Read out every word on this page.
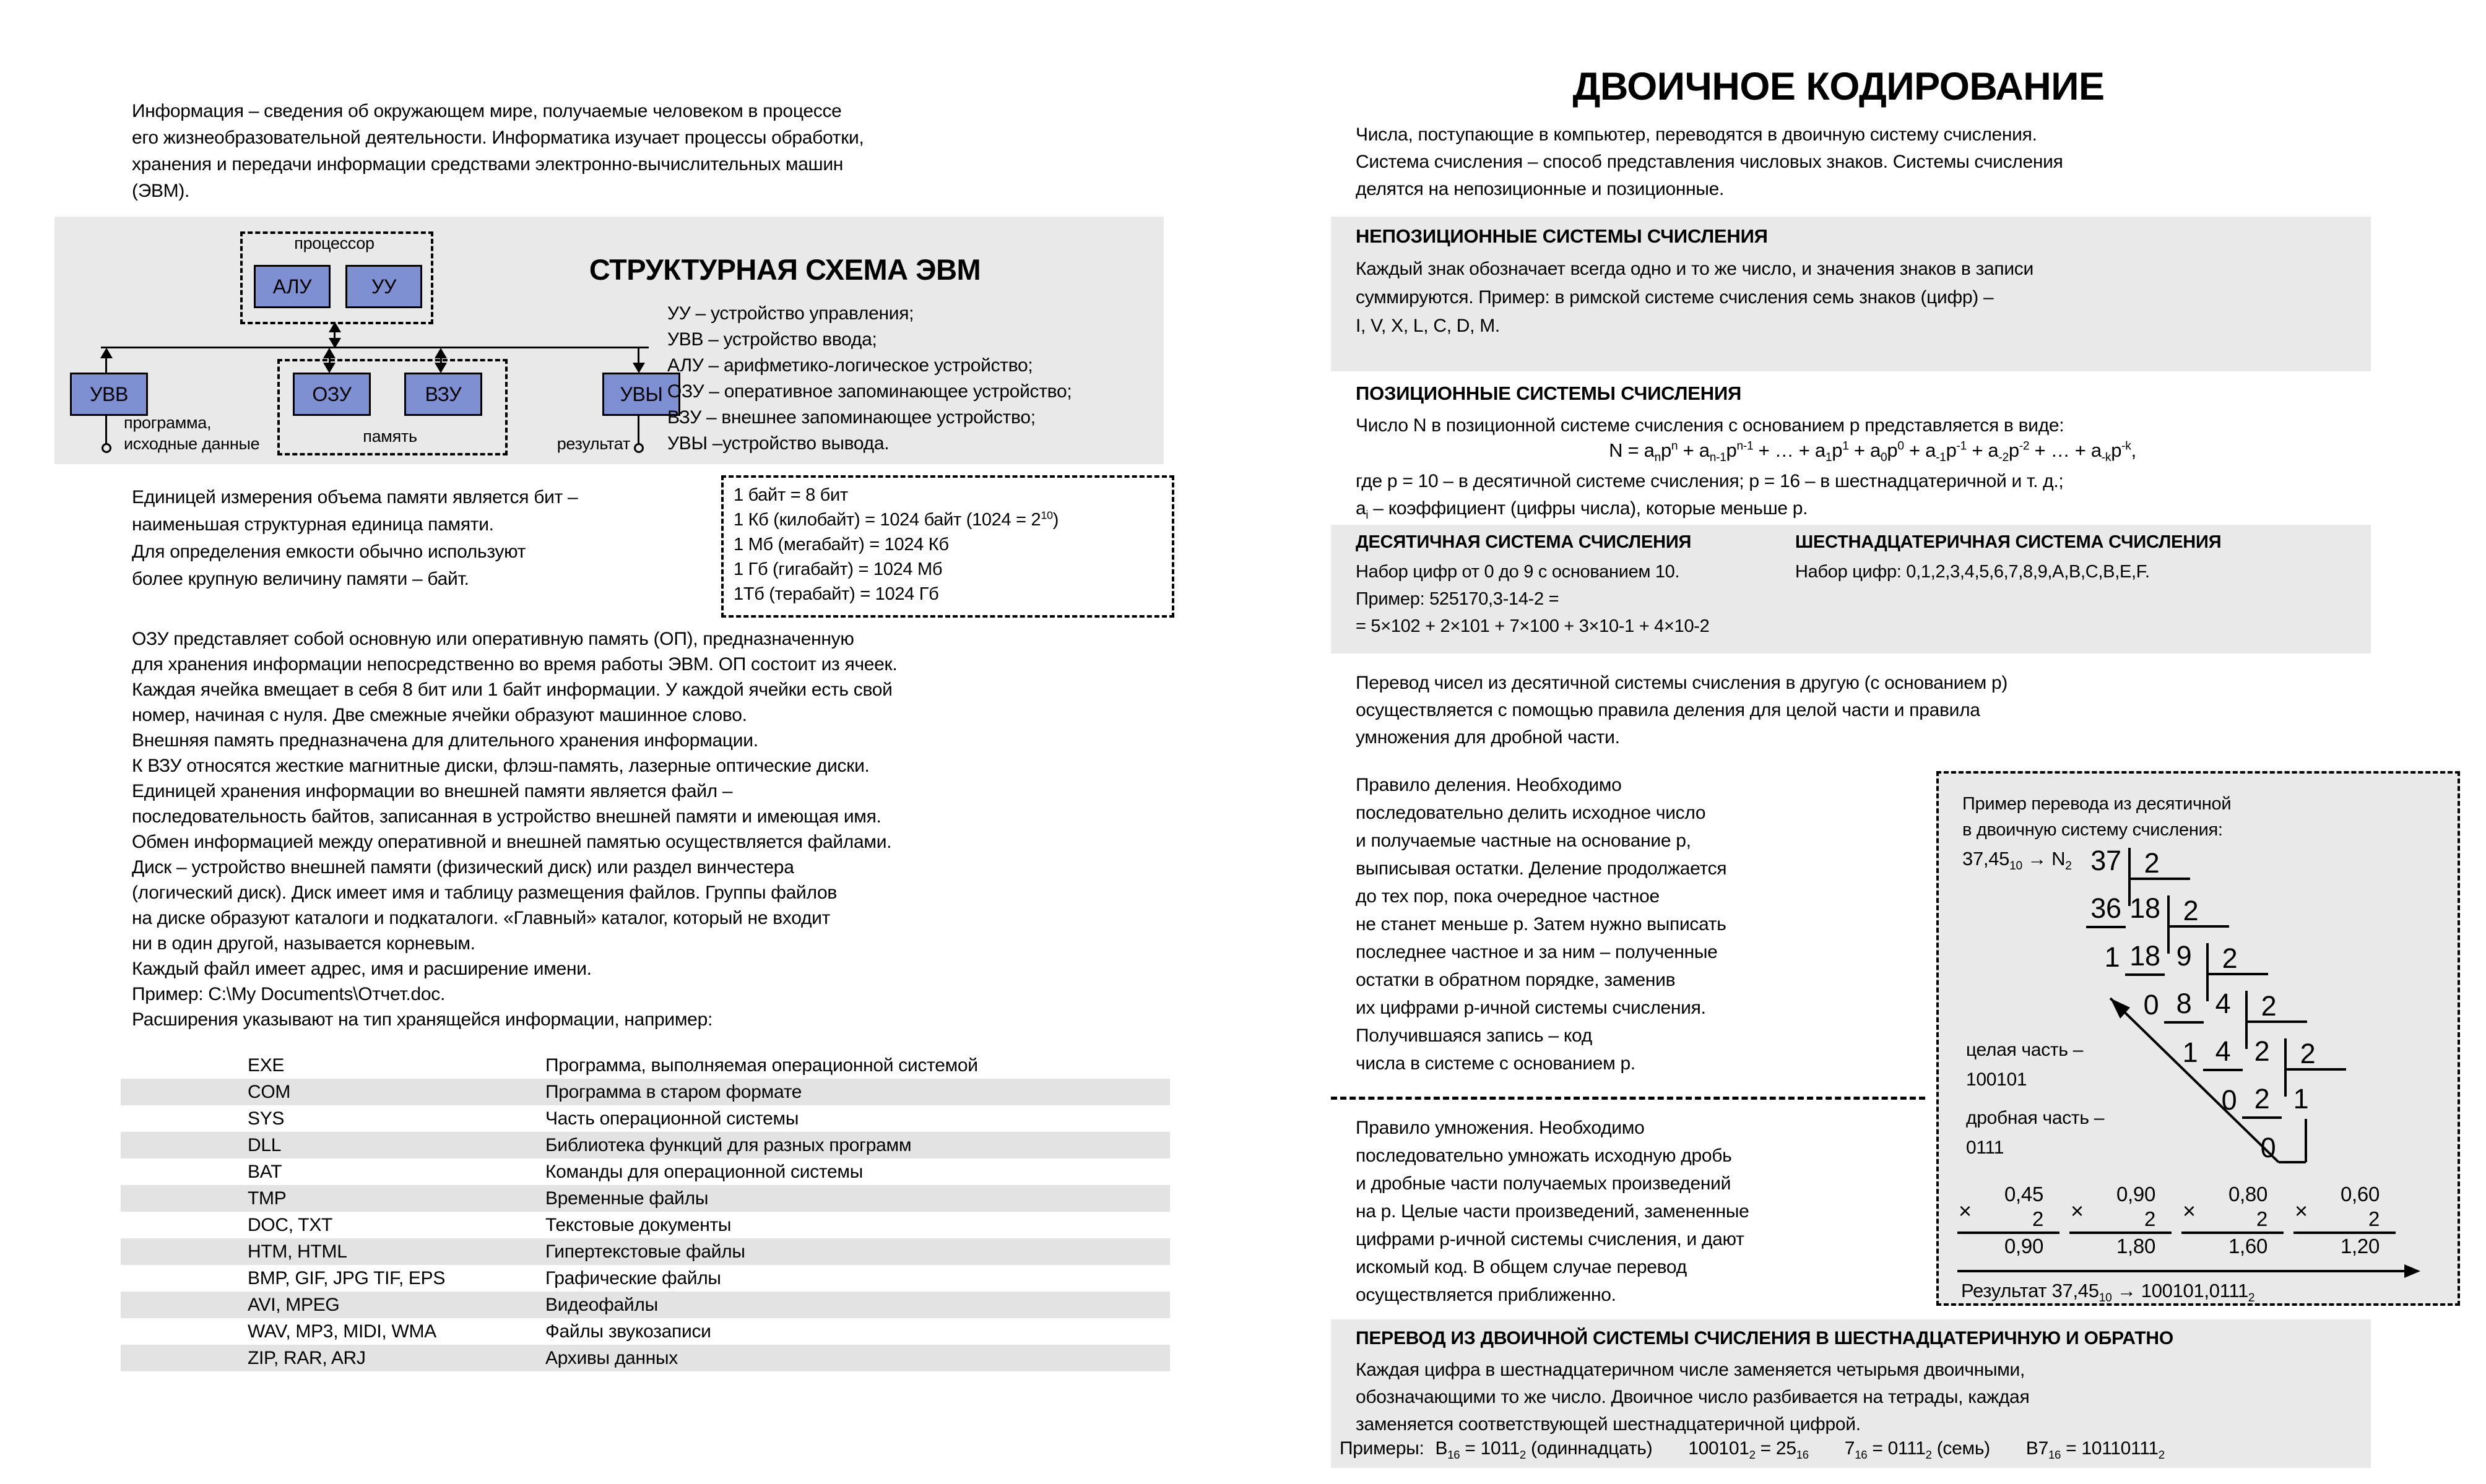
Информация – сведения об окружающем мире, получаемые человеком в процессе
его жизнеобразовательной деятельности. Информатика изучает процессы обработки,
хранения и передачи информации средствами электронно-вычислительных машин
(ЭВМ).
процессор
АЛУ	УУ
память
УВВ	ОЗУ	ВЗУ	УВЫ
программа,
исходные данные	результат
СТРУКТУРНАЯ СХЕМА ЭВМ
УУ – устройство управления;
УВВ – устройство ввода;
АЛУ – арифметико-логическое устройство;
ОЗУ – оперативное запоминающее устройство;
ВЗУ – внешнее запоминающее устройство;
УВЫ –устройство вывода.
Единицей измерения объема памяти является бит –
наименьшая структурная единица памяти.
Для определения емкости обычно используют
более крупную величину памяти – байт.
1 байт = 8 бит
1 Кб (килобайт) = 1024 байт $(1024 = 2^{10})$
1 Мб (мегабайт) = 1024 Кб
1 Гб (гигабайт) = 1024 Мб
1Тб (терабайт) = 1024 Гб
ОЗУ представляет собой основную или оперативную память (ОП), предназначенную
для хранения информации непосредственно во время работы ЭВМ. ОП состоит из ячеек.
Каждая ячейка вмещает в себя 8 бит или 1 байт информации. У каждой ячейки есть свой
номер, начиная с нуля. Две смежные ячейки образуют машинное слово.
Внешняя память предназначена для длительного хранения информации.
К ВЗУ относятся жесткие магнитные диски, флэш-память, лазерные оптические диски.
Единицей хранения информации во внешней памяти является файл –
последовательность байтов, записанная в устройство внешней памяти и имеющая имя.
Обмен информацией между оперативной и внешней памятью осуществляется файлами.
Диск – устройство внешней памяти (физический диск) или раздел винчестера
(логический диск). Диск имеет имя и таблицу размещения файлов. Группы файлов
на диске образуют каталоги и подкаталоги. «Главный» каталог, который не входит
ни в один другой, называется корневым.
Каждый файл имеет адрес, имя и расширение имени.
Пример: C:\My Documents\Отчет.doc.
Расширения указывают на тип хранящейся информации, например:
EXE	Программа, выполняемая операционной системой
COM	Программа в старом формате
SYS	Часть операционной системы
DLL	Библиотека функций для разных программ
BAT	Команды для операционной системы
TMP	Временные файлы
DOC, TXT	Текстовые документы
HTM, HTML	Гипертекстовые файлы
BMP, GIF, JPG TIF, EPS	Графические файлы
AVI, MPEG	Видеофайлы
WAV, MP3, MIDI, WMA	Файлы звукозаписи
ZIP, RAR, ARJ	Архивы данных
ДВОИЧНОЕ КОДИРОВАНИЕ
Числа, поступающие в компьютер, переводятся в двоичную систему счисления.
Система счисления – способ представления числовых знаков. Системы счисления
делятся на непозиционные и позиционные.
НЕПОЗИЦИОННЫЕ СИСТЕМЫ СЧИСЛЕНИЯ
Каждый знак обозначает всегда одно и то же число, и значения знаков в записи
суммируются. Пример: в римской системе счисления семь знаков (цифр) –
I, V, X, L, C, D, M.
ПОЗИЦИОННЫЕ СИСТЕМЫ СЧИСЛЕНИЯ
Число N в позиционной системе счисления с основанием p представляется в виде:
$N = a_np^n + a_{n-1}p^{n-1}$ + … + $a_1p^1 + a_0p^0 + a_{-1}p^{-1} + a_{-2}p^{-2}$ + … + $a_{-k}p^{-k}$,
где p = 10 – в десятичной системе счисления; p = 16 – в шестнадцатеричной и т. д.;
$a_i$ – коэффициент (цифры числа), которые меньше p.
ДЕСЯТИЧНАЯ СИСТЕМА СЧИСЛЕНИЯ
Набор цифр от 0 до 9 с основанием 10.
Пример: 525170,3-14-2 =
= 5×102 + 2×101 + 7×100 + 3×10-1 + 4×10-2
ШЕСТНАДЦАТЕРИЧНАЯ СИСТЕМА СЧИСЛЕНИЯ
Набор цифр: 0,1,2,3,4,5,6,7,8,9,A,B,C,B,E,F.
Перевод чисел из десятичной системы счисления в другую (с основанием p)
осуществляется с помощью правила деления для целой части и правила
умножения для дробной части.
Правило деления. Необходимо
последовательно делить исходное число
и получаемые частные на основание p,
выписывая остатки. Деление продолжается
до тех пор, пока очередное частное
не станет меньше p. Затем нужно выписать
последнее частное и за ним – полученные
остатки в обратном порядке, заменив
их цифрами p-ичной системы счисления.
Получившаяся запись – код
числа в системе с основанием p.
Правило умножения. Необходимо
последовательно умножать исходную дробь
и дробные части получаемых произведений
на p. Целые части произведений, замененные
цифрами p-ичной системы счисления, и дают
искомый код. В общем случае перевод
осуществляется приближенно.
Пример перевода из десятичной
в двоичную систему счисления:
$37,45_{10} \to N_2$ 37 2
36
1
18 2
18
0
9 2
8
1
4 2
4
0
2 2
2
0
1
целая часть –
100101
дробная часть –
0111
×
0,45
2
0,90
×
0,90
2
1,80
×
0,80
2
1,60
×
0,60
2
1,20
Результат $37,45_{10} \to 100101,0111_2$
ПЕРЕВОД ИЗ ДВОИЧНОЙ СИСТЕМЫ СЧИСЛЕНИЯ В ШЕСТНАДЦАТЕРИЧНУЮ И ОБРАТНО
Каждая цифра в шестнадцатеричном числе заменяется четырьмя двоичными,
обозначающими то же число. Двоичное число разбивается на тетрады, каждая
заменяется соответствующей шестнадцатеричной цифрой.
Примеры: $B_{16} = 1011_2$ (одиннадцать) $100101_2 = 25_{16}$ $7_{16} = 0111_2$ (семь) $B7_{16} = 10110111_2$
